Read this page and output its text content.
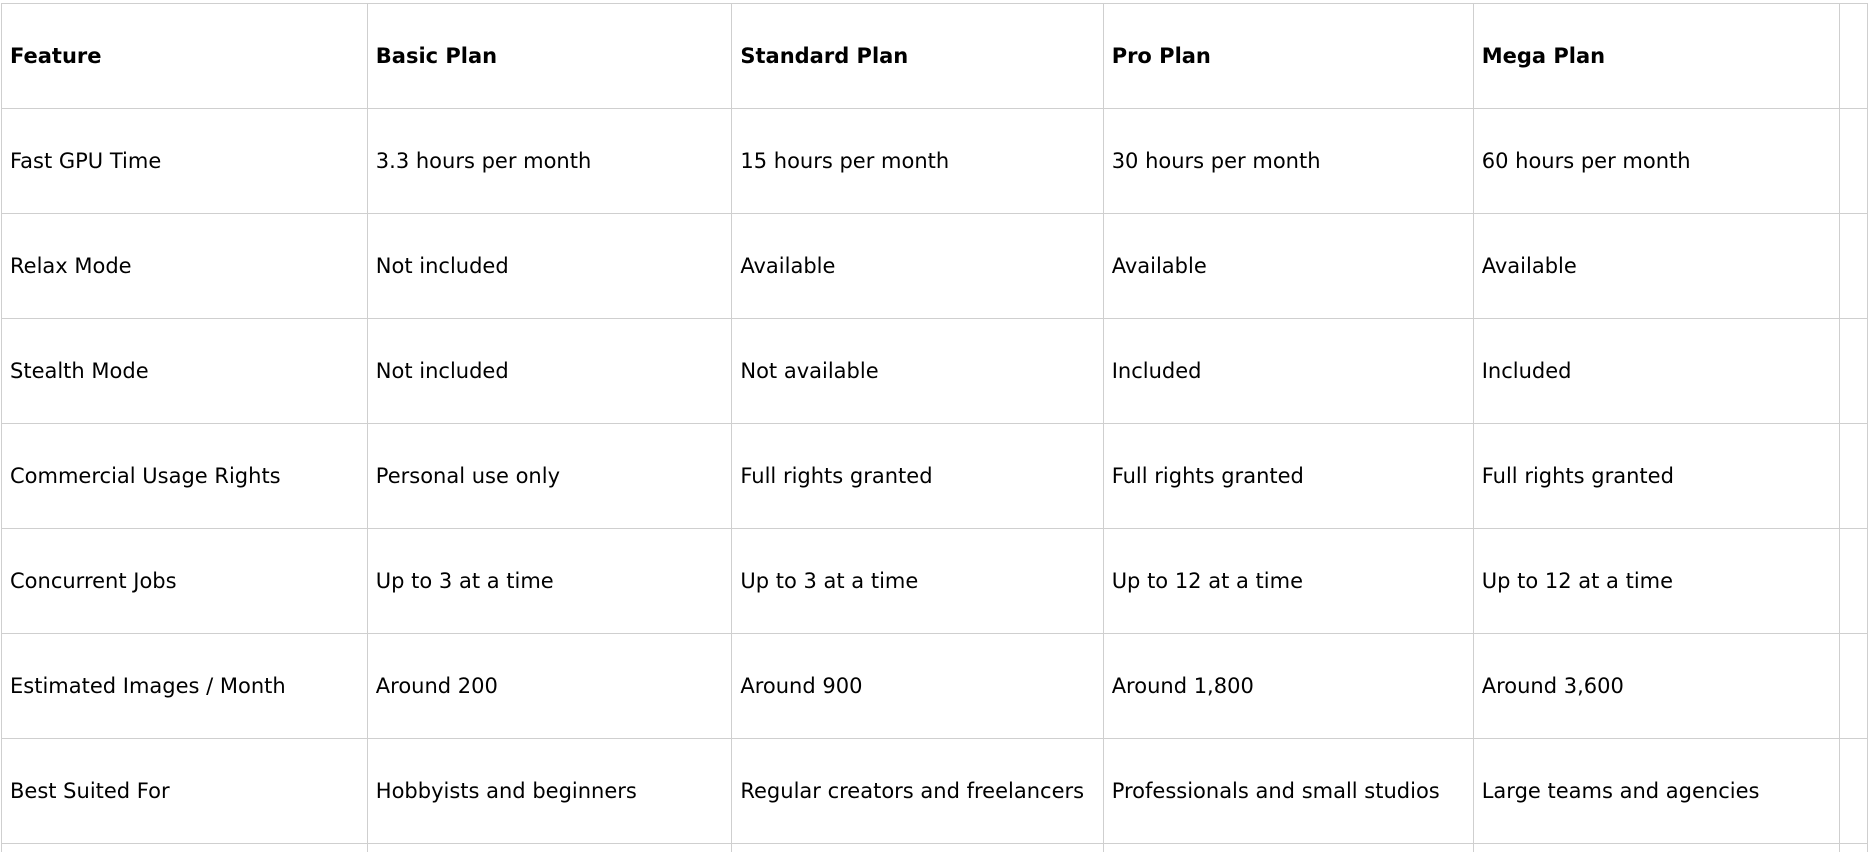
Feature	Basic Plan	Standard Plan	Pro Plan	Mega Plan	
Fast GPU Time	3.3 hours per month	15 hours per month	30 hours per month	60 hours per month	
Relax Mode	Not included	Available	Available	Available	
Stealth Mode	Not included	Not available	Included	Included	
Commercial Usage Rights	Personal use only	Full rights granted	Full rights granted	Full rights granted	
Concurrent Jobs	Up to 3 at a time	Up to 3 at a time	Up to 12 at a time	Up to 12 at a time	
Estimated Images / Month	Around 200	Around 900	Around 1,800	Around 3,600	
Best Suited For	Hobbyists and beginners	Regular creators and freelancers	Professionals and small studios	Large teams and agencies	
